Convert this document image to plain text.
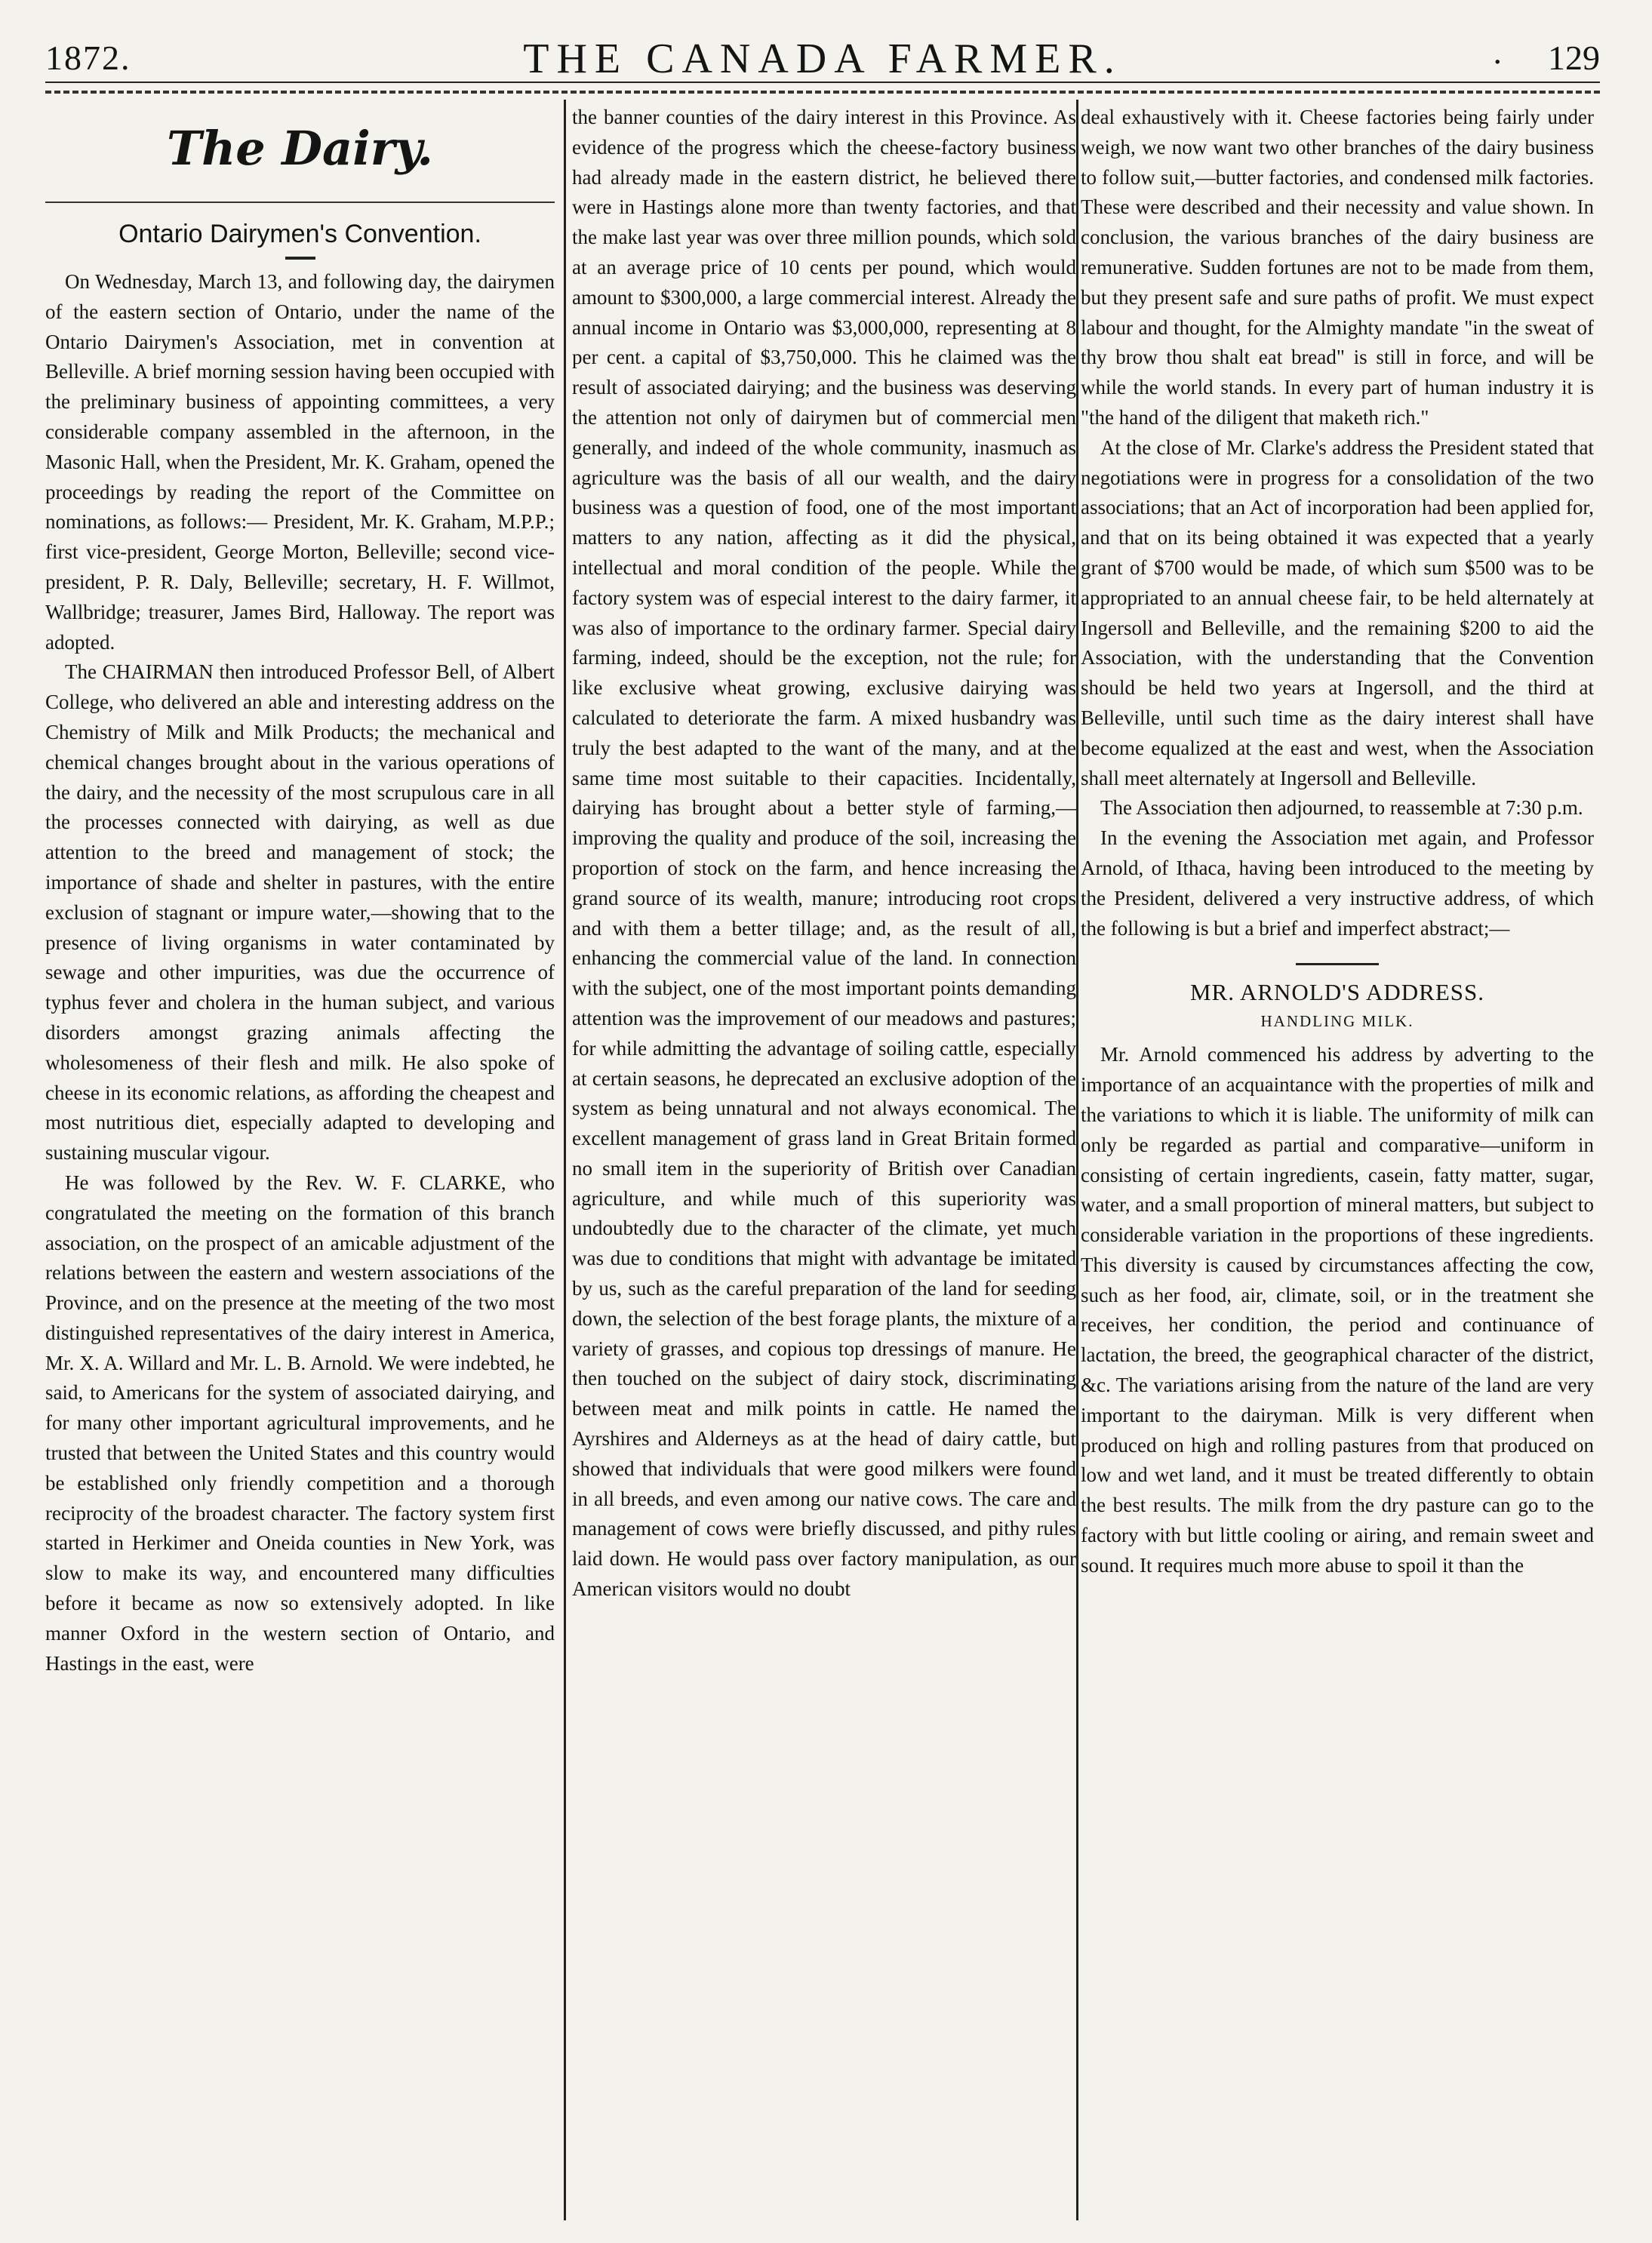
1872.	THE CANADA FARMER.	. 129
The Dairy.
Ontario Dairymen's Convention.

On Wednesday, March 13, and following day, the dairymen of the eastern section of Ontario, under the name of the Ontario Dairymen's Association, met in convention at Belleville. A brief morning session having been occupied with the preliminary business of appointing committees, a very considerable company assembled in the afternoon, in the Masonic Hall, when the President, Mr. K. Graham, opened the proceedings by reading the report of the Committee on nominations, as follows:— President, Mr. K. Graham, M.P.P.; first vice-president, George Morton, Belleville; second vice-president, P. R. Daly, Belleville; secretary, H. F. Willmot, Wallbridge; treasurer, James Bird, Halloway. The report was adopted.

The CHAIRMAN then introduced Professor Bell, of Albert College, who delivered an able and interesting address on the Chemistry of Milk and Milk Products; the mechanical and chemical changes brought about in the various operations of the dairy, and the necessity of the most scrupulous care in all the processes connected with dairying, as well as due attention to the breed and management of stock; the importance of shade and shelter in pastures, with the entire exclusion of stagnant or impure water,—showing that to the presence of living organisms in water contaminated by sewage and other impurities, was due the occurrence of typhus fever and cholera in the human subject, and various disorders amongst grazing animals affecting the wholesomeness of their flesh and milk. He also spoke of cheese in its economic relations, as affording the cheapest and most nutritious diet, especially adapted to developing and sustaining muscular vigour.

He was followed by the Rev. W. F. CLARKE, who congratulated the meeting on the formation of this branch association, on the prospect of an amicable adjustment of the relations between the eastern and western associations of the Province, and on the presence at the meeting of the two most distinguished representatives of the dairy interest in America, Mr. X. A. Willard and Mr. L. B. Arnold. We were indebted, he said, to Americans for the system of associated dairying, and for many other important agricultural improvements, and he trusted that between the United States and this country would be established only friendly competition and a thorough reciprocity of the broadest character. The factory system first started in Herkimer and Oneida counties in New York, was slow to make its way, and encountered many difficulties before it became as now so extensively adopted. In like manner Oxford in the western section of Ontario, and Hastings in the east, were

the banner counties of the dairy interest in this Province. As evidence of the progress which the cheese-factory business had already made in the eastern district, he believed there were in Hastings alone more than twenty factories, and that the make last year was over three million pounds, which sold at an average price of 10 cents per pound, which would amount to $300,000, a large commercial interest. Already the annual income in Ontario was $3,000,000, representing at 8 per cent. a capital of $3,750,000. This he claimed was the result of associated dairying; and the business was deserving the attention not only of dairymen but of commercial men generally, and indeed of the whole community, inasmuch as agriculture was the basis of all our wealth, and the dairy business was a question of food, one of the most important matters to any nation, affecting as it did the physical, intellectual and moral condition of the people. While the factory system was of especial interest to the dairy farmer, it was also of importance to the ordinary farmer. Special dairy farming, indeed, should be the exception, not the rule; for like exclusive wheat growing, exclusive dairying was calculated to deteriorate the farm. A mixed husbandry was truly the best adapted to the want of the many, and at the same time most suitable to their capacities. Incidentally, dairying has brought about a better style of farming,—improving the quality and produce of the soil, increasing the proportion of stock on the farm, and hence increasing the grand source of its wealth, manure; introducing root crops and with them a better tillage; and, as the result of all, enhancing the commercial value of the land. In connection with the subject, one of the most important points demanding attention was the improvement of our meadows and pastures; for while admitting the advantage of soiling cattle, especially at certain seasons, he deprecated an exclusive adoption of the system as being unnatural and not always economical. The excellent management of grass land in Great Britain formed no small item in the superiority of British over Canadian agriculture, and while much of this superiority was undoubtedly due to the character of the climate, yet much was due to conditions that might with advantage be imitated by us, such as the careful preparation of the land for seeding down, the selection of the best forage plants, the mixture of a variety of grasses, and copious top dressings of manure. He then touched on the subject of dairy stock, discriminating between meat and milk points in cattle. He named the Ayrshires and Alderneys as at the head of dairy cattle, but showed that individuals that were good milkers were found in all breeds, and even among our native cows. The care and management of cows were briefly discussed, and pithy rules laid down. He would pass over factory manipulation, as our American visitors would no doubt

deal exhaustively with it. Cheese factories being fairly under weigh, we now want two other branches of the dairy business to follow suit,—butter factories, and condensed milk factories. These were described and their necessity and value shown. In conclusion, the various branches of the dairy business are remunerative. Sudden fortunes are not to be made from them, but they present safe and sure paths of profit. We must expect labour and thought, for the Almighty mandate "in the sweat of thy brow thou shalt eat bread" is still in force, and will be while the world stands. In every part of human industry it is "the hand of the diligent that maketh rich."

At the close of Mr. Clarke's address the President stated that negotiations were in progress for a consolidation of the two associations; that an Act of incorporation had been applied for, and that on its being obtained it was expected that a yearly grant of $700 would be made, of which sum $500 was to be appropriated to an annual cheese fair, to be held alternately at Ingersoll and Belleville, and the remaining $200 to aid the Association, with the understanding that the Convention should be held two years at Ingersoll, and the third at Belleville, until such time as the dairy interest shall have become equalized at the east and west, when the Association shall meet alternately at Ingersoll and Belleville.

The Association then adjourned, to reassemble at 7:30 p.m.

In the evening the Association met again, and Professor Arnold, of Ithaca, having been introduced to the meeting by the President, delivered a very instructive address, of which the following is but a brief and imperfect abstract;—

MR. ARNOLD'S ADDRESS.
HANDLING MILK.

Mr. Arnold commenced his address by adverting to the importance of an acquaintance with the properties of milk and the variations to which it is liable. The uniformity of milk can only be regarded as partial and comparative—uniform in consisting of certain ingredients, casein, fatty matter, sugar, water, and a small proportion of mineral matters, but subject to considerable variation in the proportions of these ingredients. This diversity is caused by circumstances affecting the cow, such as her food, air, climate, soil, or in the treatment she receives, her condition, the period and continuance of lactation, the breed, the geographical character of the district, &c. The variations arising from the nature of the land are very important to the dairyman. Milk is very different when produced on high and rolling pastures from that produced on low and wet land, and it must be treated differently to obtain the best results. The milk from the dry pasture can go to the factory with but little cooling or airing, and remain sweet and sound. It requires much more abuse to spoil it than the
